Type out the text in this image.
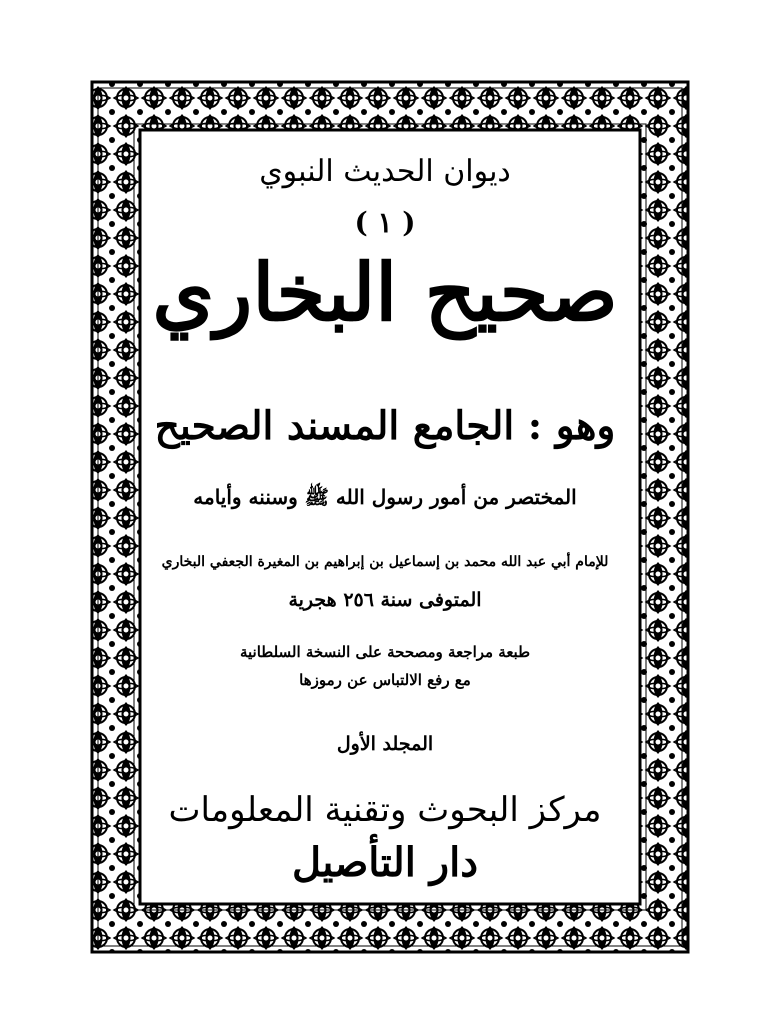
ديوان الحديث النبوي
( ١ )
صحيح البخاري
وهو : الجامع المسند الصحيح
المختصر من أمور رسول الله ﷺ وسننه وأيامه
للإمام أبي عبد الله محمد بن إسماعيل بن إبراهيم بن المغيرة الجعفي البخاري
المتوفى سنة ٢٥٦ هجرية
طبعة مراجعة ومصححة على النسخة السلطانية
مع رفع الالتباس عن رموزها
المجلد الأول
مركز البحوث وتقنية المعلومات
دار التأصيل
